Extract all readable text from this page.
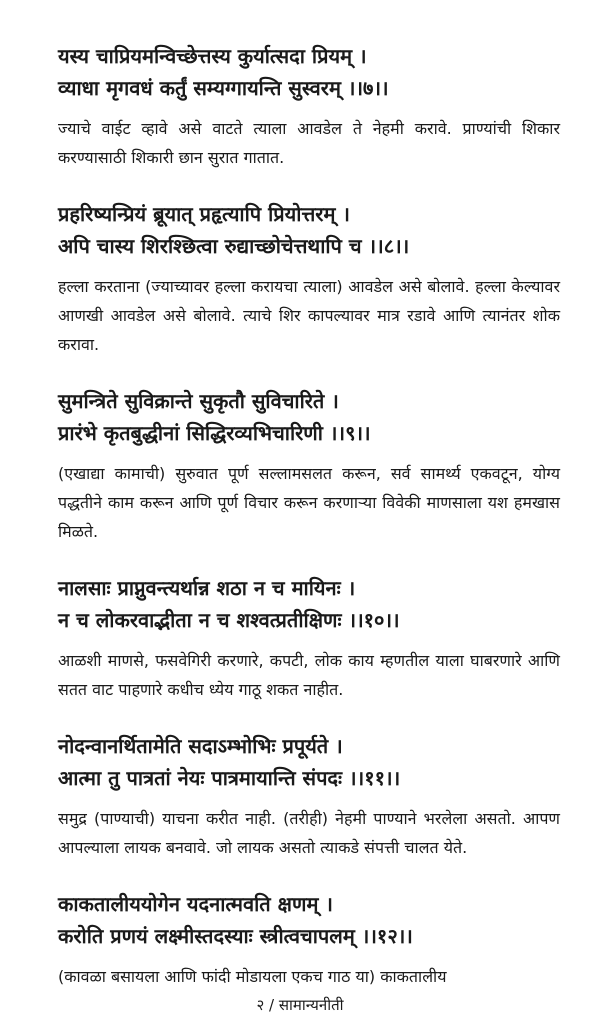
यस्य चाप्रियमन्विच्छेत्तस्य कुर्यात्सदा प्रियम् ।
व्याधा मृगवधं कर्तुं सम्यग्गायन्ति सुस्वरम् ।।७।।
ज्याचे वाईट व्हावे असे वाटते त्याला आवडेल ते नेहमी करावे. प्राण्यांची शिकार करण्यासाठी शिकारी छान सुरात गातात.
प्रहरिष्यन्प्रियं ब्रूयात् प्रहृत्यापि प्रियोत्तरम् ।
अपि चास्य शिरश्छित्वा रुद्याच्छोचेत्तथापि च ।।८।।
हल्ला करताना (ज्याच्यावर हल्ला करायचा त्याला) आवडेल असे बोलावे. हल्ला केल्यावर आणखी आवडेल असे बोलावे. त्याचे शिर कापल्यावर मात्र रडावे आणि त्यानंतर शोक करावा.
सुमन्त्रिते सुविक्रान्ते सुकृतौ सुविचारिते ।
प्रारंभे कृतबुद्धीनां सिद्धिरव्यभिचारिणी ।।९।।
(एखाद्या कामाची) सुरुवात पूर्ण सल्लामसलत करून, सर्व सामर्थ्य एकवटून, योग्य पद्धतीने काम करून आणि पूर्ण विचार करून करणाऱ्या विवेकी माणसाला यश हमखास मिळते.
नालसाः प्राप्नुवन्त्यर्थान्न शठा न च मायिनः ।
न च लोकरवाद्भीता न च शश्वत्प्रतीक्षिणः ।।१०।।
आळशी माणसे, फसवेगिरी करणारे, कपटी, लोक काय म्हणतील याला घाबरणारे आणि सतत वाट पाहणारे कधीच ध्येय गाठू शकत नाहीत.
नोदन्वानर्थितामेति सदाऽम्भोभिः प्रपूर्यते ।
आत्मा तु पात्रतां नेयः पात्रमायान्ति संपदः ।।११।।
समुद्र (पाण्याची) याचना करीत नाही. (तरीही) नेहमी पाण्याने भरलेला असतो. आपण आपल्याला लायक बनवावे. जो लायक असतो त्याकडे संपत्ती चालत येते.
काकतालीययोगेन यदनात्मवति क्षणम् ।
करोति प्रणयं लक्ष्मीस्तदस्याः स्त्रीत्वचापलम् ।।१२।।
(कावळा बसायला आणि फांदी मोडायला एकच गाठ या) काकतालीय
२ / सामान्यनीती
